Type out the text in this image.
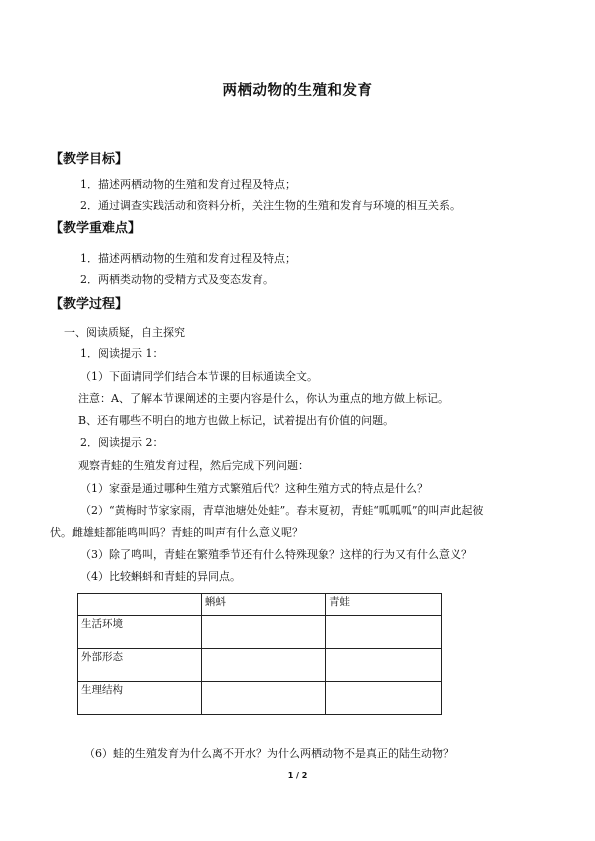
两栖动物的生殖和发育
【教学目标】
1．描述两栖动物的生殖和发育过程及特点；
2．通过调查实践活动和资料分析，关注生物的生殖和发育与环境的相互关系。
【教学重难点】
1．描述两栖动物的生殖和发育过程及特点；
2．两栖类动物的受精方式及变态发育。
【教学过程】
一、阅读质疑，自主探究
1．阅读提示 1：
（1）下面请同学们结合本节课的目标通读全文。
注意：A、了解本节课阐述的主要内容是什么，你认为重点的地方做上标记。
B、还有哪些不明白的地方也做上标记，试着提出有价值的问题。
2．阅读提示 2：
观察青蛙的生殖发育过程，然后完成下列问题：
（1）家蚕是通过哪种生殖方式繁殖后代？这种生殖方式的特点是什么？
（2）“黄梅时节家家雨，青草池塘处处蛙”。春末夏初，青蛙“呱呱呱”的叫声此起彼
伏。雌雄蛙都能鸣叫吗？青蛙的叫声有什么意义呢？
（3）除了鸣叫，青蛙在繁殖季节还有什么特殊现象？这样的行为又有什么意义？
（4）比较蝌蚪和青蛙的异同点。
	蝌蚪	青蛙
生活环境		
外部形态		
生理结构		
（6）蛙的生殖发育为什么离不开水？为什么两栖动物不是真正的陆生动物？
1 / 2
